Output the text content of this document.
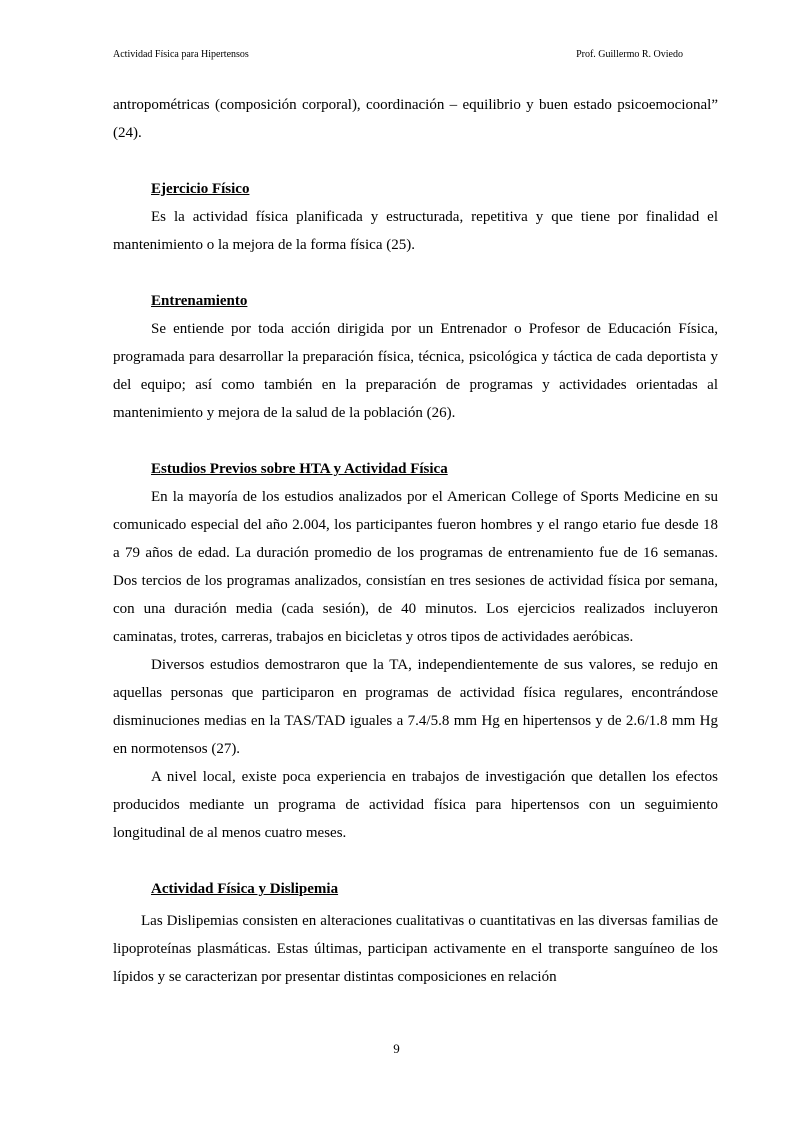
Actividad Física para Hipertensos	Prof. Guillermo R. Oviedo

antropométricas (composición corporal), coordinación – equilibrio y buen estado psicoemocional” (24).

Ejercicio Físico

Es la actividad física planificada y estructurada, repetitiva y que tiene por finalidad el mantenimiento o la mejora de la forma física (25).

Entrenamiento

Se entiende por toda acción dirigida por un Entrenador o Profesor de Educación Física, programada para desarrollar la preparación física, técnica, psicológica y táctica de cada deportista y del equipo; así como también en la preparación de programas y actividades orientadas al mantenimiento y mejora de la salud de la población (26).

Estudios Previos sobre HTA y Actividad Física

En la mayoría de los estudios analizados por el American College of Sports Medicine en su comunicado especial del año 2.004, los participantes fueron hombres y el rango etario fue desde 18 a 79 años de edad. La duración promedio de los programas de entrenamiento fue de 16 semanas. Dos tercios de los programas analizados, consistían en tres sesiones de actividad física por semana, con una duración media (cada sesión), de 40 minutos. Los ejercicios realizados incluyeron caminatas, trotes, carreras, trabajos en bicicletas y otros tipos de actividades aeróbicas.

Diversos estudios demostraron que la TA, independientemente de sus valores, se redujo en aquellas personas que participaron en programas de actividad física regulares, encontrándose disminuciones medias en la TAS/TAD iguales a 7.4/5.8 mm Hg en hipertensos y de 2.6/1.8 mm Hg en normotensos (27).

A nivel local, existe poca experiencia en trabajos de investigación que detallen los efectos producidos mediante un programa de actividad física para hipertensos con un seguimiento longitudinal de al menos cuatro meses.

Actividad Física y Dislipemia

Las Dislipemias consisten en alteraciones cualitativas o cuantitativas en las diversas familias de lipoproteínas plasmáticas. Estas últimas, participan activamente en el transporte sanguíneo de los lípidos y se caracterizan por presentar distintas composiciones en relación

9
